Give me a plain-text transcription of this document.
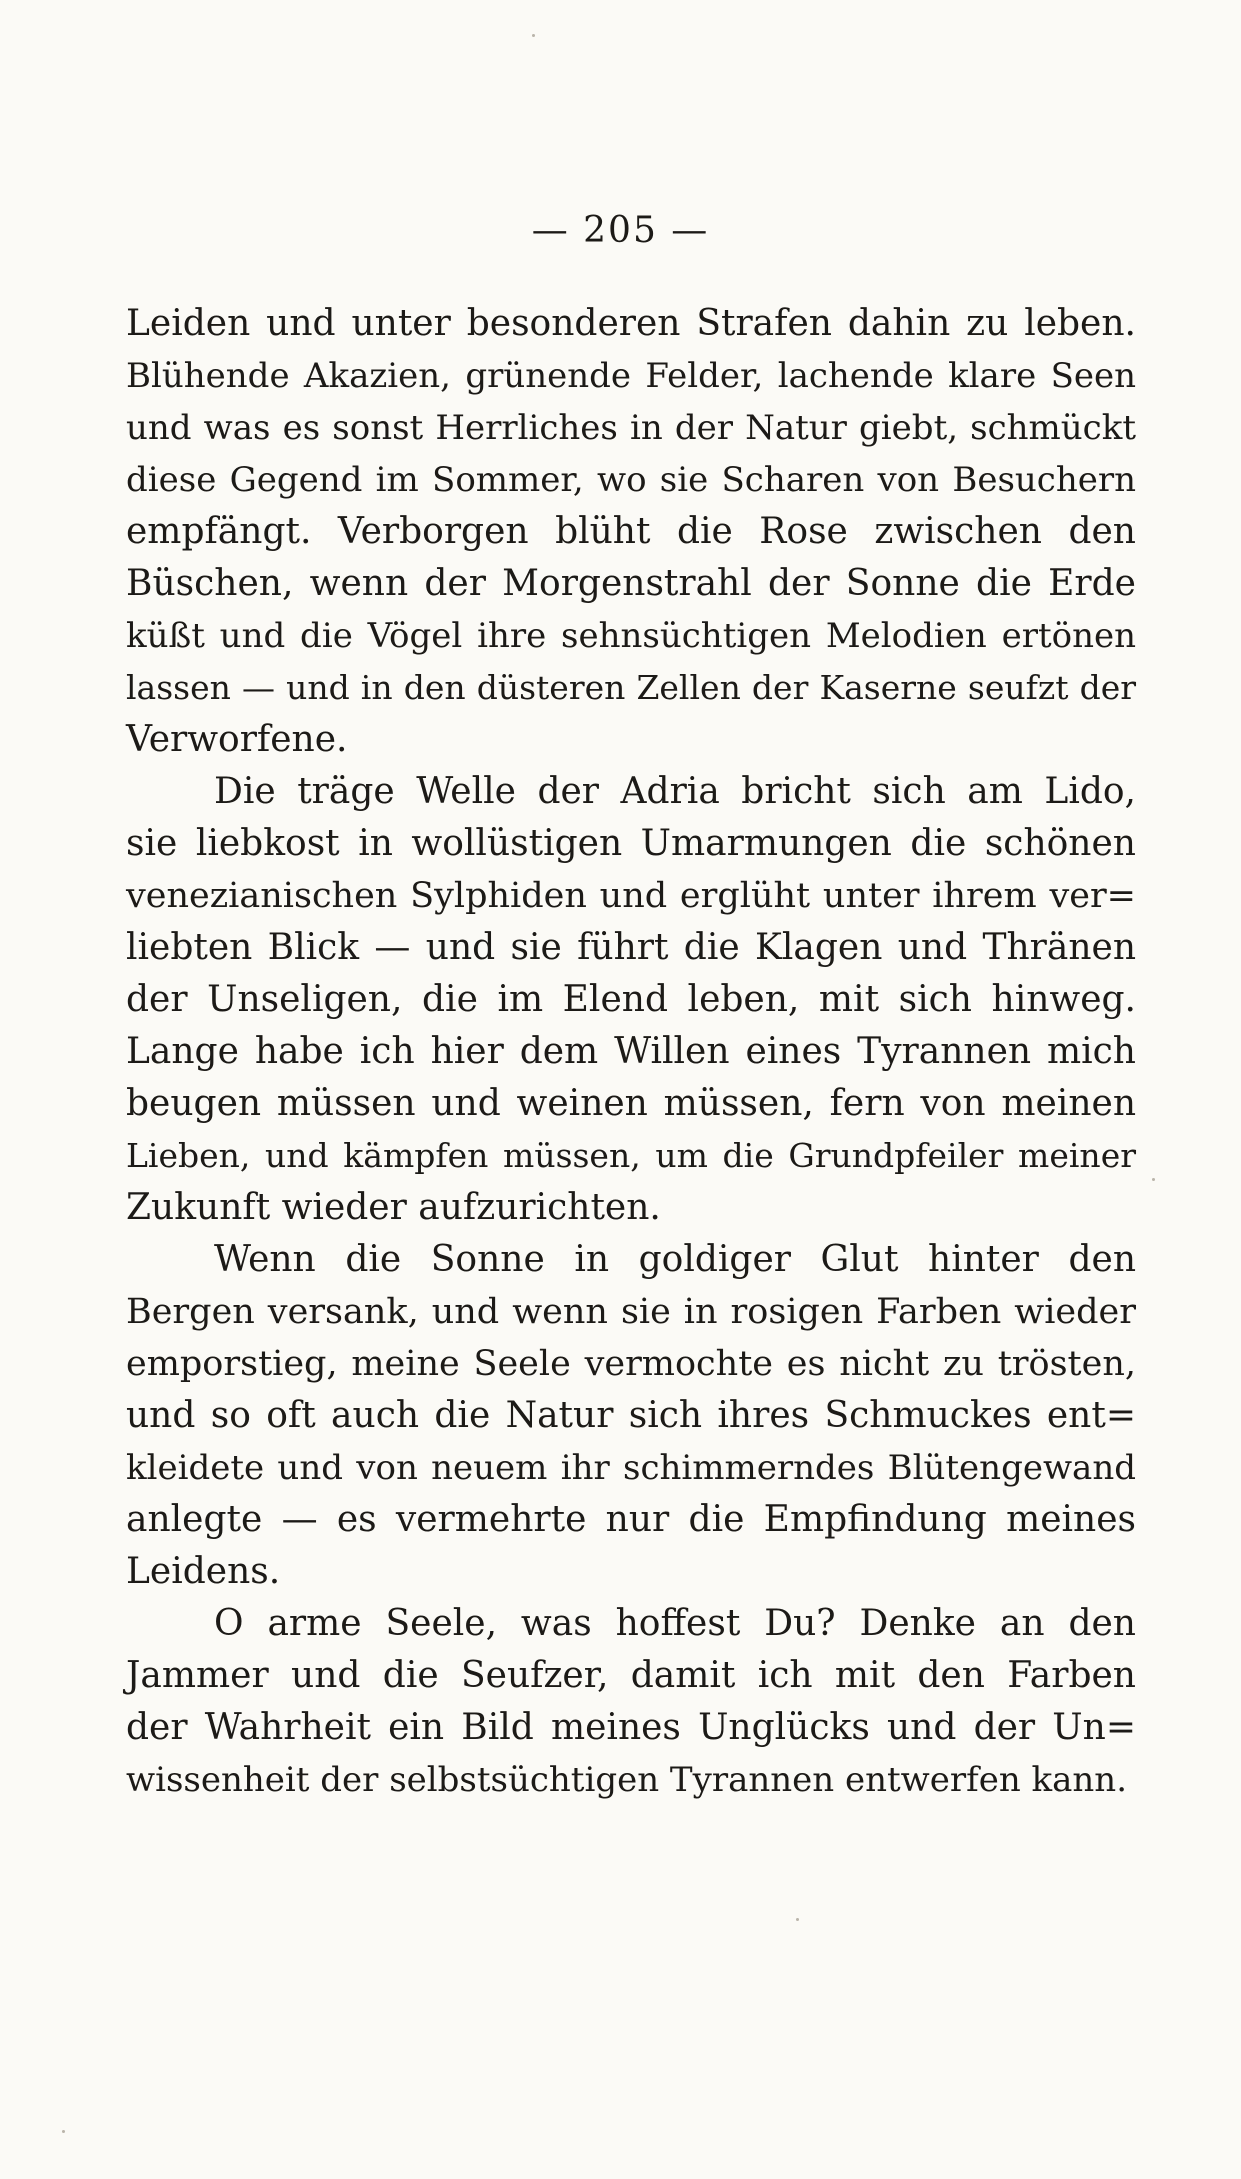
— 205 —

Leiden und unter besonderen Strafen dahin zu leben.
Blühende Akazien, grünende Felder, lachende klare Seen
und was es sonst Herrliches in der Natur giebt, schmückt
diese Gegend im Sommer, wo sie Scharen von Besuchern
empfängt. Verborgen blüht die Rose zwischen den
Büschen, wenn der Morgenstrahl der Sonne die Erde
küßt und die Vögel ihre sehnsüchtigen Melodien ertönen
lassen — und in den düsteren Zellen der Kaserne seufzt der
Verworfene.
Die träge Welle der Adria bricht sich am Lido,
sie liebkost in wollüstigen Umarmungen die schönen
venezianischen Sylphiden und erglüht unter ihrem ver=
liebten Blick — und sie führt die Klagen und Thränen
der Unseligen, die im Elend leben, mit sich hinweg.
Lange habe ich hier dem Willen eines Tyrannen mich
beugen müssen und weinen müssen, fern von meinen
Lieben, und kämpfen müssen, um die Grundpfeiler meiner
Zukunft wieder aufzurichten.
Wenn die Sonne in goldiger Glut hinter den
Bergen versank, und wenn sie in rosigen Farben wieder
emporstieg, meine Seele vermochte es nicht zu trösten,
und so oft auch die Natur sich ihres Schmuckes ent=
kleidete und von neuem ihr schimmerndes Blütengewand
anlegte — es vermehrte nur die Empfindung meines
Leidens.
O arme Seele, was hoffest Du? Denke an den
Jammer und die Seufzer, damit ich mit den Farben
der Wahrheit ein Bild meines Unglücks und der Un=
wissenheit der selbstsüchtigen Tyrannen entwerfen kann.
